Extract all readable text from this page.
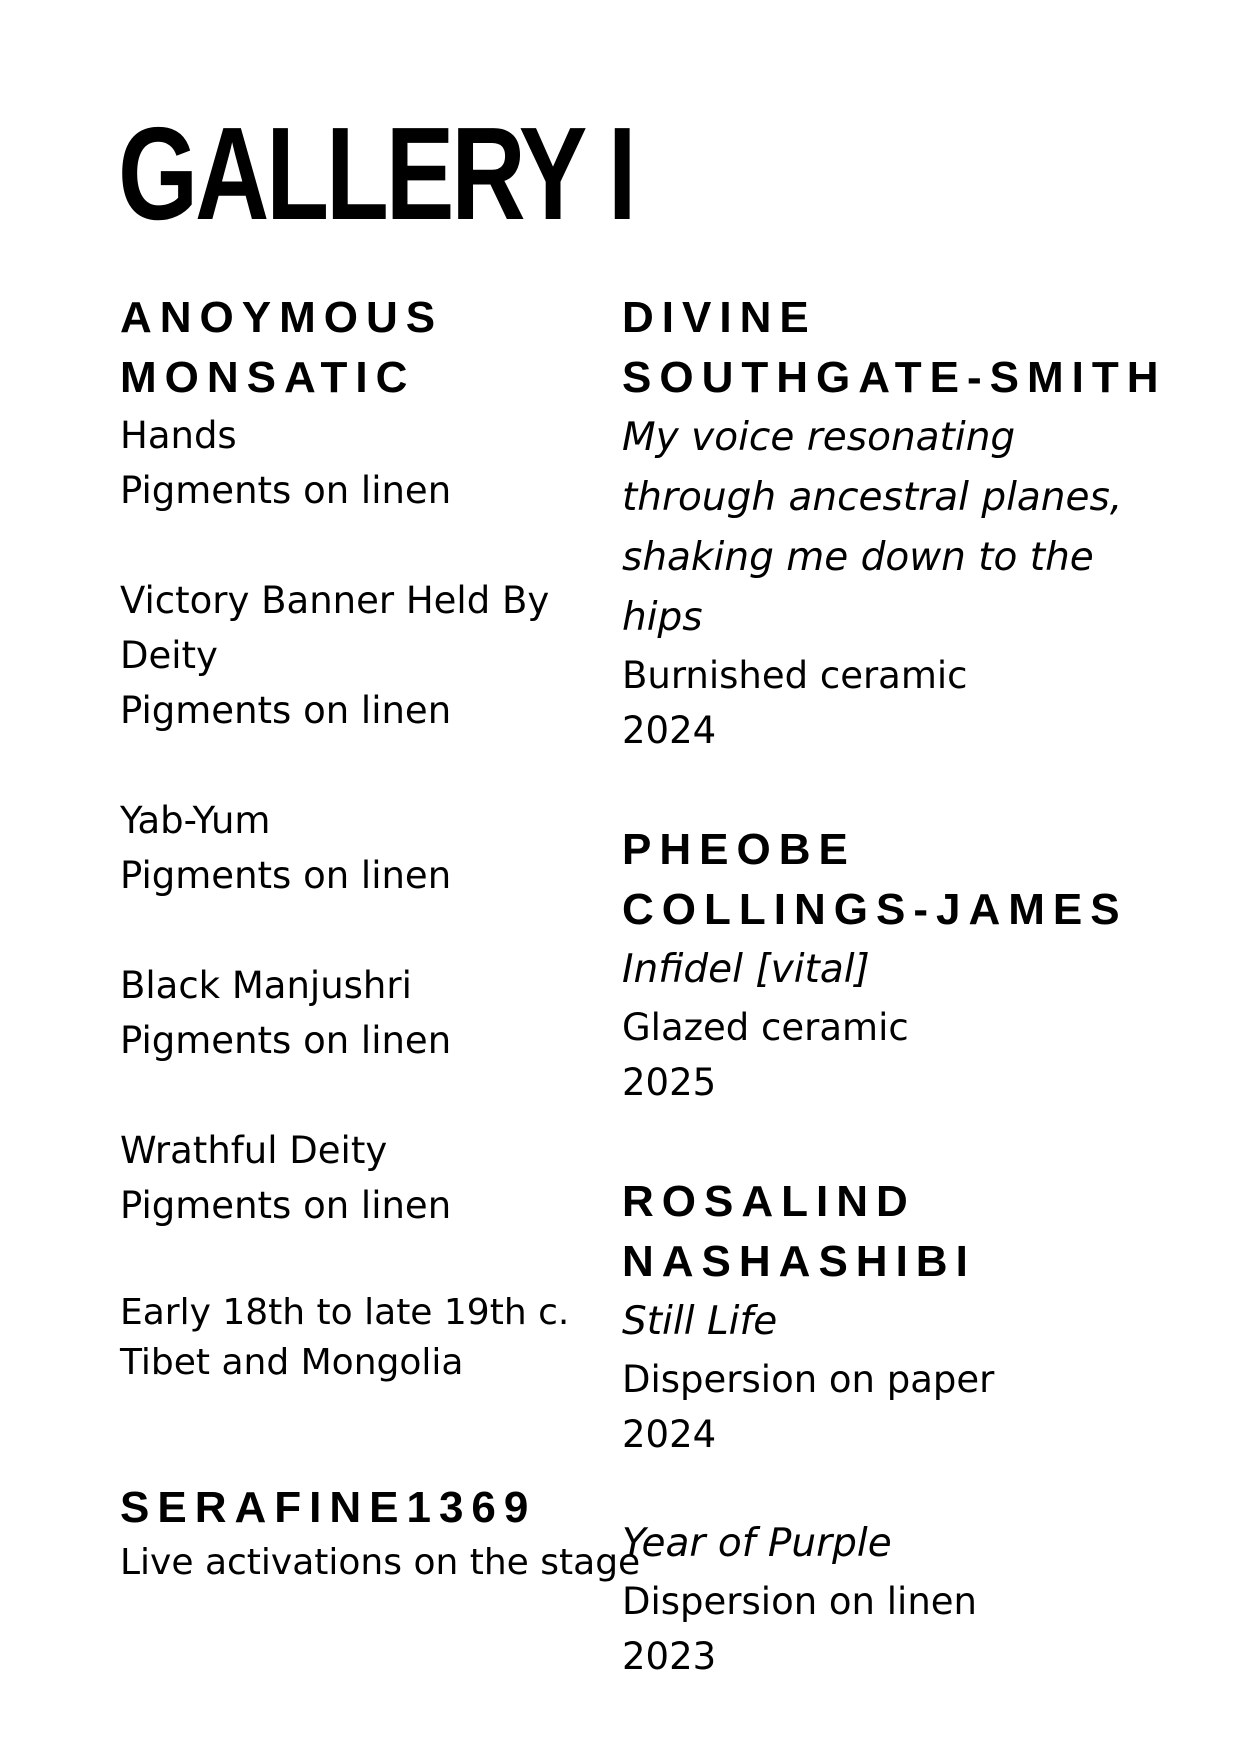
GALLERY I
ANOYMOUS
MONSATIC
Hands
Pigments on linen
Victory Banner Held By
Deity
Pigments on linen
Yab-Yum
Pigments on linen
Black Manjushri
Pigments on linen
Wrathful Deity
Pigments on linen
Early 18th to late 19th c.
Tibet and Mongolia
SERAFINE1369
Live activations on the stage
DIVINE
SOUTHGATE-SMITH
My voice resonating
through ancestral planes,
shaking me down to the
hips
Burnished ceramic
2024
PHEOBE
COLLINGS-JAMES
Infidel [vital]
Glazed ceramic
2025
ROSALIND
NASHASHIBI
Still Life
Dispersion on paper
2024
Year of Purple
Dispersion on linen
2023
